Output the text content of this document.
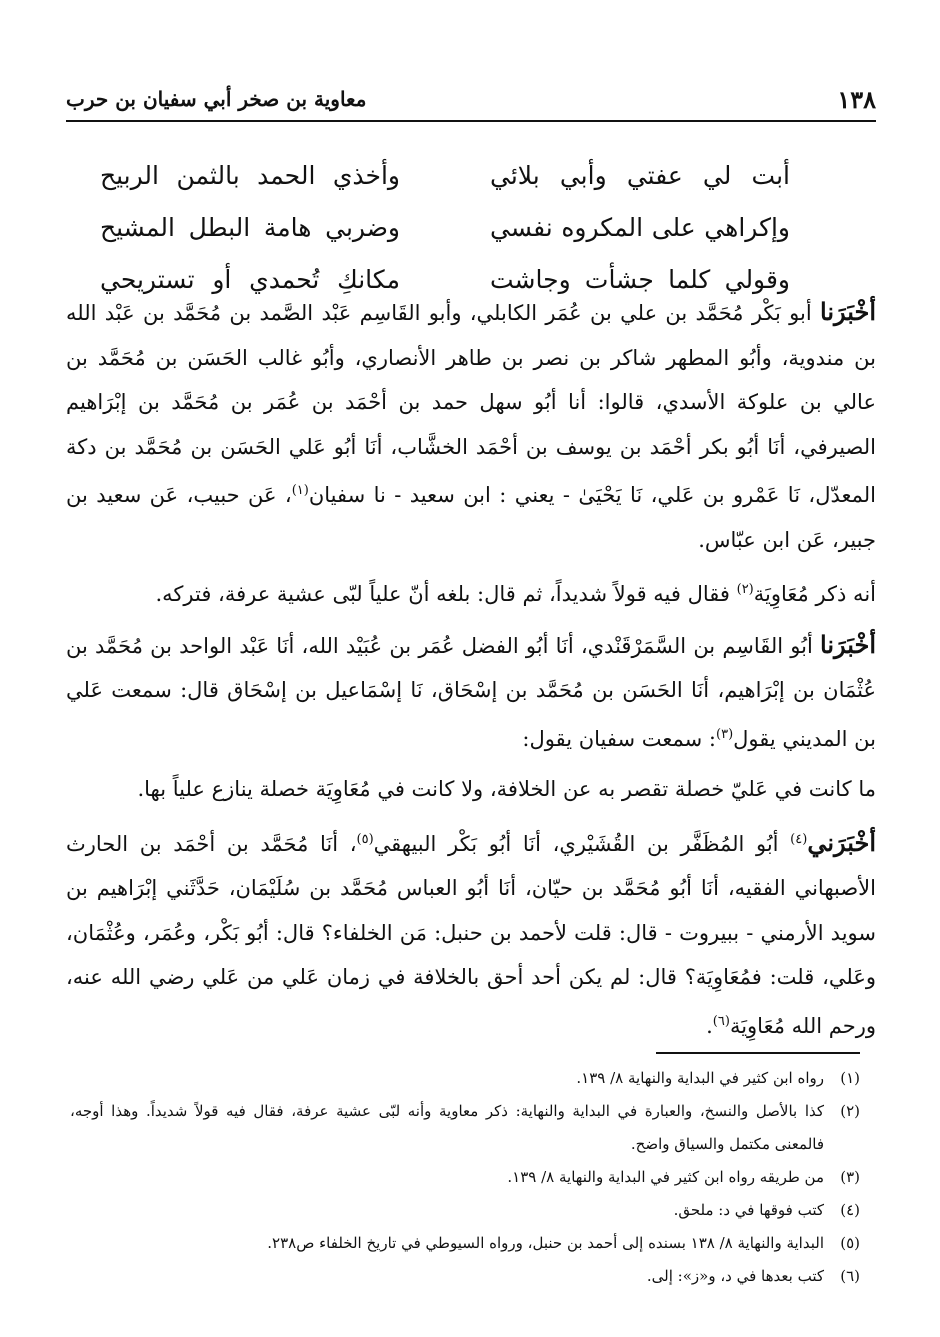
١٣٨
معاوية بن صخر أبي سفيان بن حرب
أبت لي عفتي وأبي بلائي
وأخذي الحمد بالثمن الربيح
وإكراهي على المكروه نفسي
وضربي هامة البطل المشيح
وقولي كلما جشأت وجاشت
مكانكِ تُحمدي أو تستريحي

أخْبَرَنا أبو بَكْر مُحَمَّد بن علي بن عُمَر الكابلي، وأبو القَاسِم عَبْد الصَّمد بن مُحَمَّد بن عَبْد الله بن مندوية، وأبُو المطهر شاكر بن نصر بن طاهر الأنصاري، وأبُو غالب الحَسَن بن مُحَمَّد بن عالي بن علوكة الأسدي، قالوا: أنا أبُو سهل حمد بن أحْمَد بن عُمَر بن مُحَمَّد بن إبْرَاهيم الصيرفي، أنَا أبُو بكر أحْمَد بن يوسف بن أحْمَد الخشَّاب، أنَا أبُو عَلي الحَسَن بن مُحَمَّد بن دكة المعدّل، نَا عَمْرو بن عَلي، نَا يَحْيَىٰ - يعني : ابن سعيد - نا سفيان$^{(١)}$، عَن حبيب، عَن سعيد بن جبير، عَن ابن عبّاس.

أنه ذكر مُعَاوِيَة$^{(٢)}$ فقال فيه قولاً شديداً، ثم قال: بلغه أنّ علياً لبّى عشية عرفة، فتركه.

أخْبَرَنا أبُو القَاسِم بن السَّمَرْقَنْدي، أنَا أبُو الفضل عُمَر بن عُبَيْد الله، أنَا عَبْد الواحد بن مُحَمَّد بن عُثْمَان بن إبْرَاهيم، أنَا الحَسَن بن مُحَمَّد بن إسْحَاق، نَا إسْمَاعيل بن إسْحَاق قال: سمعت عَلي بن المديني يقول$^{(٣)}$: سمعت سفيان يقول:

ما كانت في عَليّ خصلة تقصر به عن الخلافة، ولا كانت في مُعَاوِيَة خصلة ينازع علياً بها.

أخْبَرَني$^{(٤)}$ أبُو المُظَفَّر بن القُشَيْري، أنَا أبُو بَكْر البيهقي$^{(٥)}$، أنَا مُحَمَّد بن أحْمَد بن الحارث الأصبهاني الفقيه، أنَا أبُو مُحَمَّد بن حيّان، أنَا أبُو العباس مُحَمَّد بن سُلَيْمَان، حَدَّثَني إبْرَاهيم بن سويد الأرمني - ببيروت - قال: قلت لأحمد بن حنبل: مَن الخلفاء؟ قال: أبُو بَكْر، وعُمَر، وعُثْمَان، وعَلي، قلت: فمُعَاوِيَة؟ قال: لم يكن أحد أحق بالخلافة في زمان عَلي من عَلي رضي الله عنه، ورحم الله مُعَاوِيَة$^{(٦)}$.

(١)
رواه ابن كثير في البداية والنهاية ٨/ ١٣٩.
(٢)
كذا بالأصل والنسخ، والعبارة في البداية والنهاية: ذكر معاوية وأنه لبّى عشية عرفة، فقال فيه قولاً شديداً. وهذا أوجه، فالمعنى مكتمل والسياق واضح.
(٣)
من طريقه رواه ابن كثير في البداية والنهاية ٨/ ١٣٩.
(٤)
كتب فوقها في د: ملحق.
(٥)
البداية والنهاية ٨/ ١٣٨ بسنده إلى أحمد بن حنبل، ورواه السيوطي في تاريخ الخلفاء ص٢٣٨.
(٦)
كتب بعدها في د، و«ز»: إلى.
